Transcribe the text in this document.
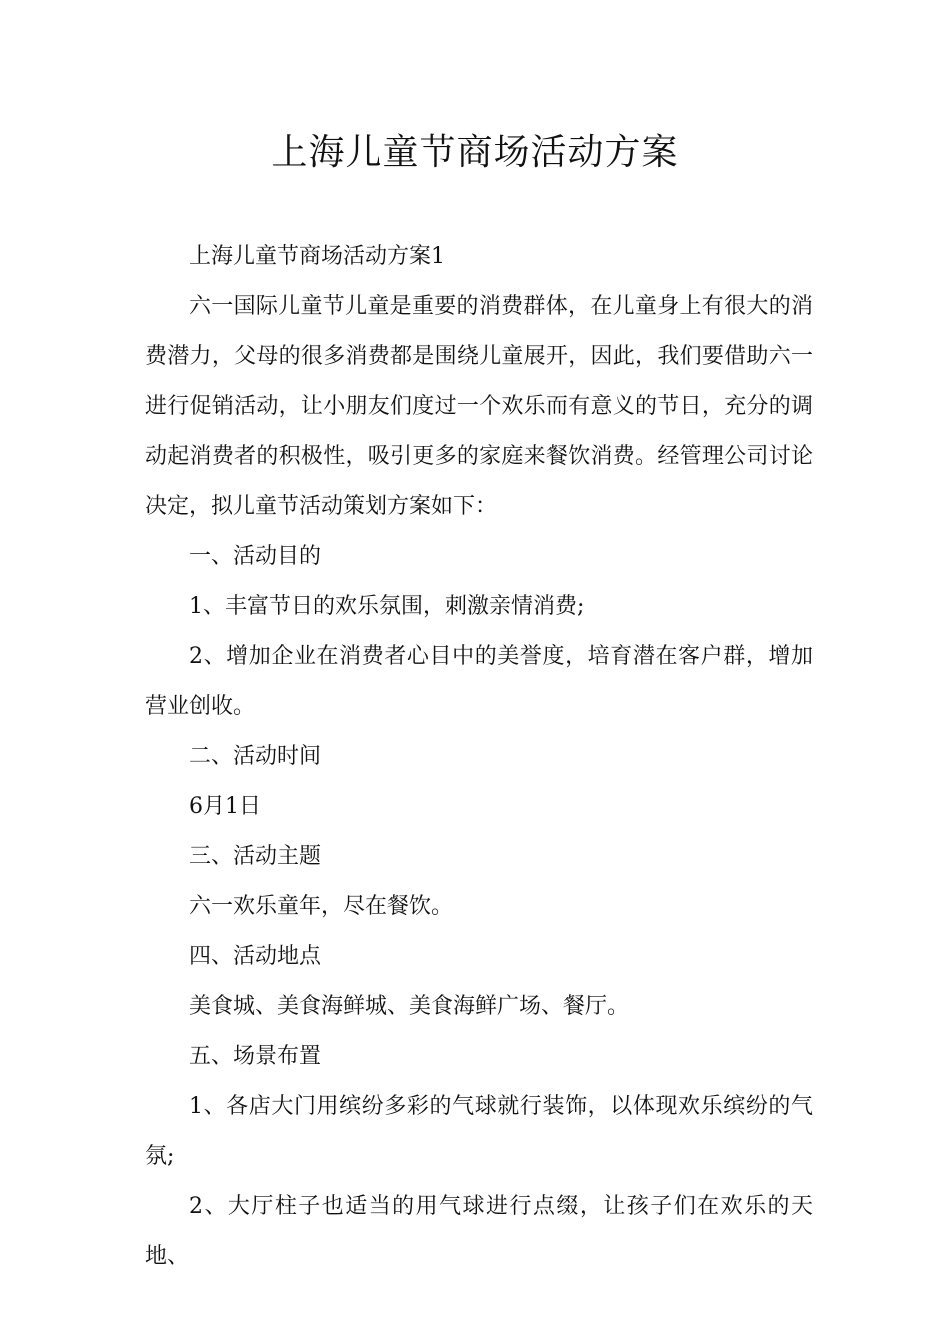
上海儿童节商场活动方案

上海儿童节商场活动方案1

六一国际儿童节儿童是重要的消费群体，在儿童身上有很大的消费潜力，父母的很多消费都是围绕儿童展开，因此，我们要借助六一进行促销活动，让小朋友们度过一个欢乐而有意义的节日，充分的调动起消费者的积极性，吸引更多的家庭来餐饮消费。经管理公司讨论决定，拟儿童节活动策划方案如下：

一、活动目的

1、丰富节日的欢乐氛围，刺激亲情消费;

2、增加企业在消费者心目中的美誉度，培育潜在客户群，增加营业创收。

二、活动时间

6月1日

三、活动主题

六一欢乐童年，尽在餐饮。

四、活动地点

美食城、美食海鲜城、美食海鲜广场、餐厅。

五、场景布置

1、各店大门用缤纷多彩的气球就行装饰，以体现欢乐缤纷的气氛;

2、大厅柱子也适当的用气球进行点缀，让孩子们在欢乐的天地、
